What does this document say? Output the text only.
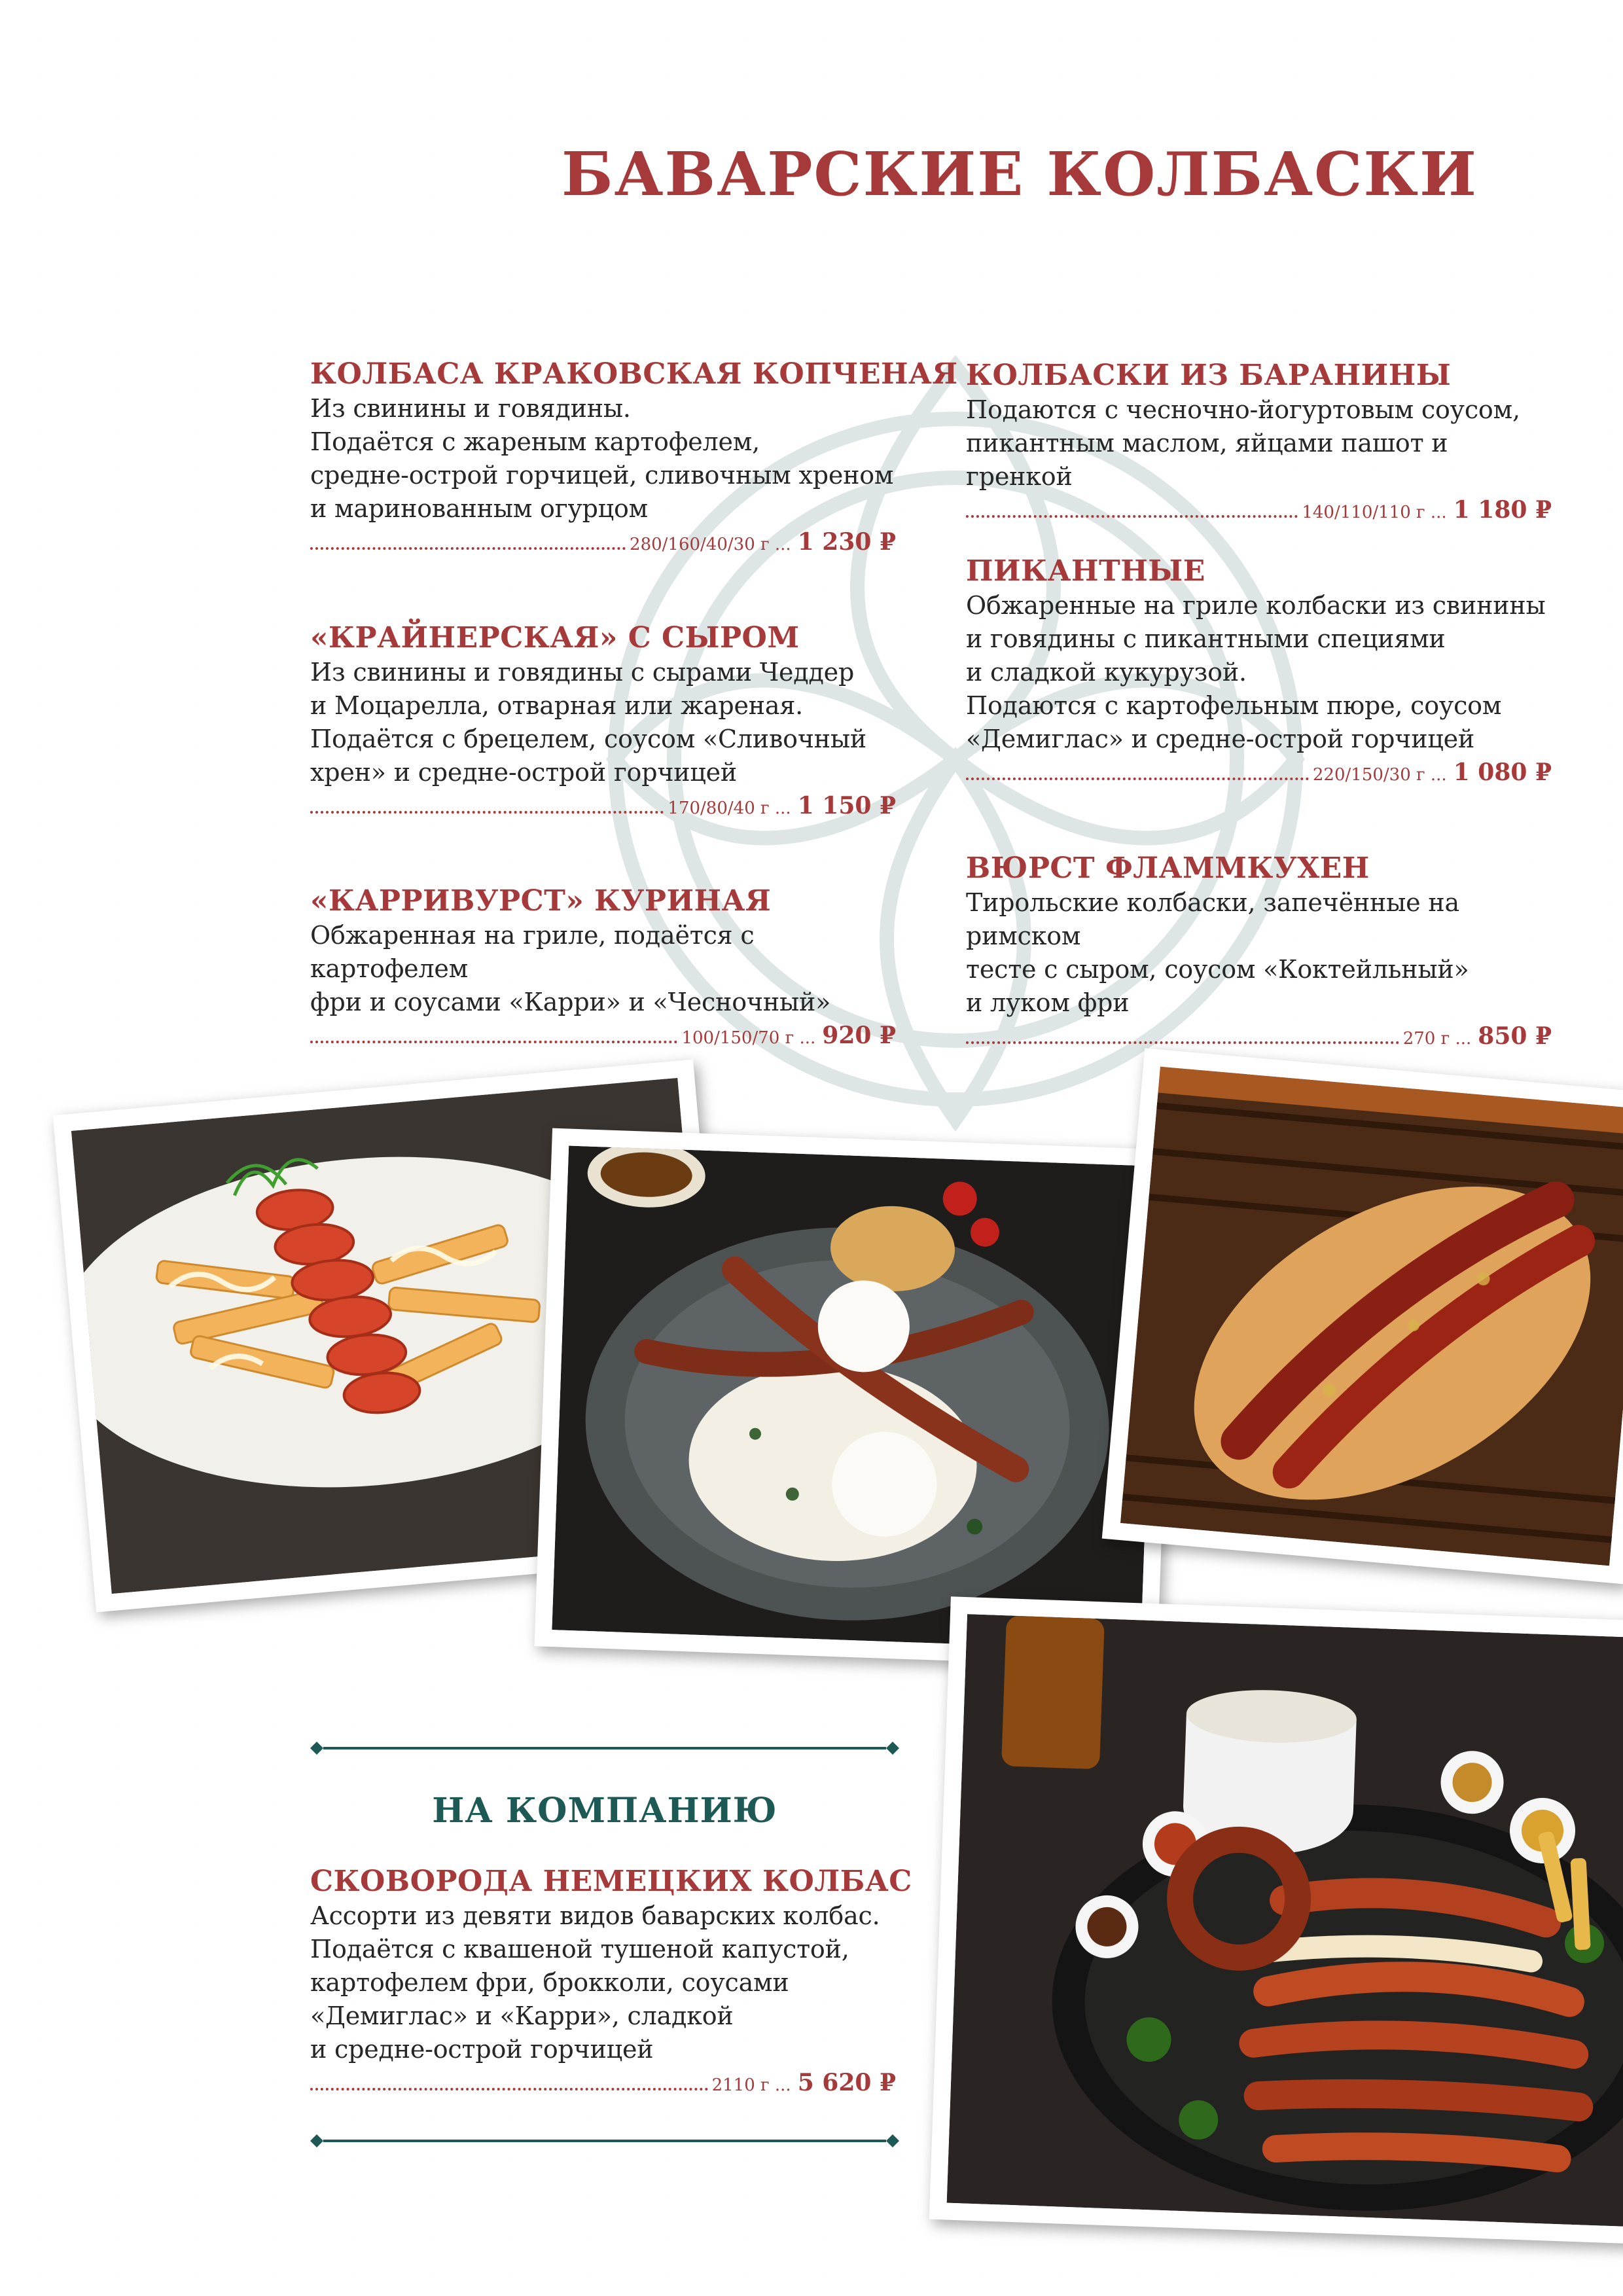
БАВАРСКИЕ КОЛБАСКИ
КОЛБАСА КРАКОВСКАЯ КОПЧЕНАЯ

Из свинины и говядины.
Подаётся с жареным картофелем,
средне-острой горчицей, сливочным хреном
и маринованным огурцом

280/160/40/30 г ... 1 230 ₽
«КРАЙНЕРСКАЯ» С СЫРОМ

Из свинины и говядины с сырами Чеддер
и Моцарелла, отварная или жареная.
Подаётся с брецелем, соусом «Сливочный
хрен» и средне-острой горчицей

170/80/40 г ... 1 150 ₽
«КАРРИВУРСТ» КУРИНАЯ

Обжаренная на гриле, подаётся с картофелем
фри и соусами «Карри» и «Чесночный»

100/150/70 г ... 920 ₽
КОЛБАСКИ ИЗ БАРАНИНЫ

Подаются с чесночно-йогуртовым соусом,
пикантным маслом, яйцами пашот и гренкой

140/110/110 г ... 1 180 ₽
ПИКАНТНЫЕ

Обжаренные на гриле колбаски из свинины
и говядины с пикантными специями
и сладкой кукурузой.
Подаются с картофельным пюре, соусом
«Демиглас» и средне-острой горчицей

220/150/30 г ... 1 080 ₽
ВЮРСТ ФЛАММКУХЕН

Тирольские колбаски, запечённые на римском
тесте с сыром, соусом «Коктейльный»
и луком фри

270 г ... 850 ₽
НА КОМПАНИЮ
СКОВОРОДА НЕМЕЦКИХ КОЛБАС

Ассорти из девяти видов баварских колбас.
Подаётся с квашеной тушеной капустой,
картофелем фри, брокколи, соусами
«Демиглас» и «Карри», сладкой
и средне-острой горчицей

2110 г ... 5 620 ₽
